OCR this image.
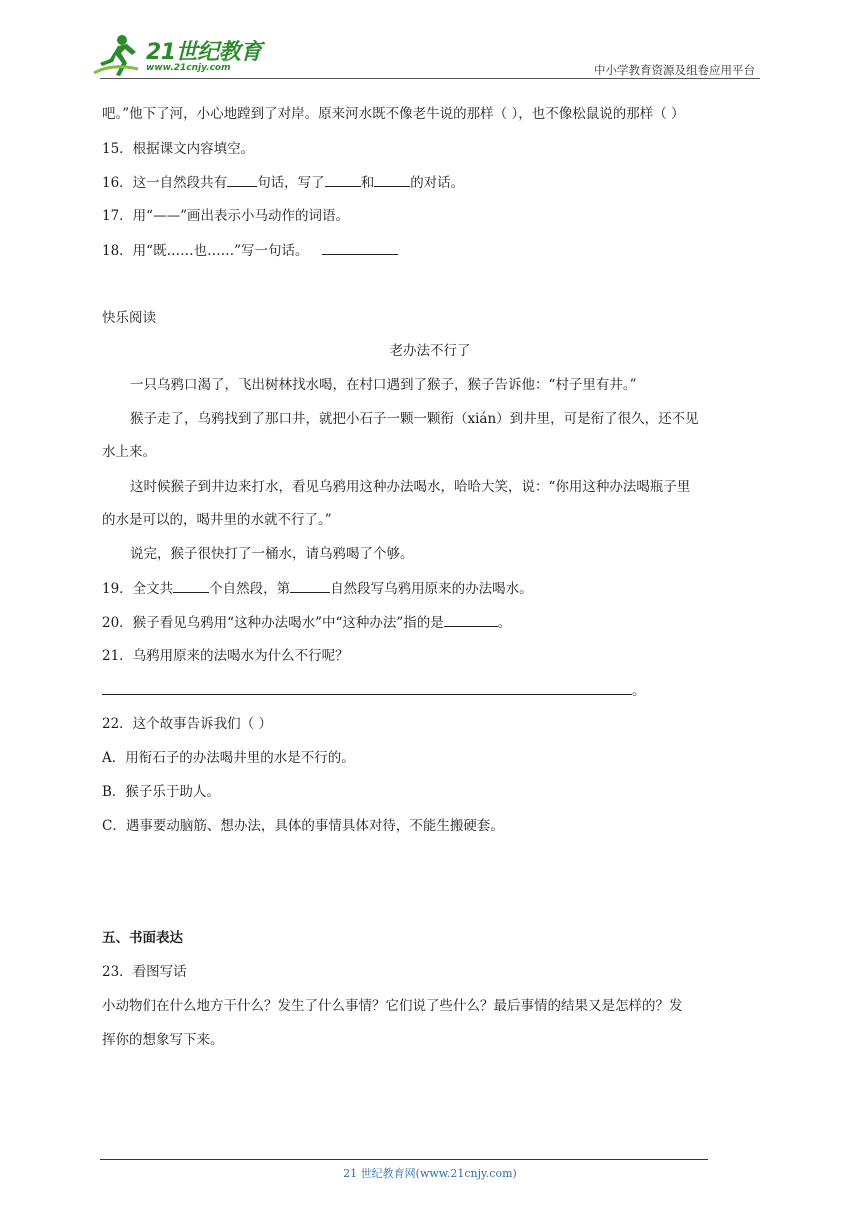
21世纪教育
www.21cnjy.com	中小学教育资源及组卷应用平台
吧。”他下了河，小心地蹚到了对岸。原来河水既不像老牛说的那样（ ），也不像松鼠说的那样（ ）
15．根据课文内容填空。
16．这一自然段共有 句话，写了	和	的对话。
17．用“——”画出表示小马动作的词语。
18．用“既……也……”写一句话。
快乐阅读
老办法不行了
一只乌鸦口渴了，飞出树林找水喝，在村口遇到了猴子，猴子告诉他：“村子里有井。”
猴子走了，乌鸦找到了那口井，就把小石子一颗一颗衔（xián）到井里，可是衔了很久，还不见
水上来。
这时候猴子到井边来打水，看见乌鸦用这种办法喝水，哈哈大笑，说：“你用这种办法喝瓶子里
的水是可以的，喝井里的水就不行了。”
说完，猴子很快打了一桶水，请乌鸦喝了个够。
19．全文共	个自然段，第	自然段写乌鸦用原来的办法喝水。
20．猴子看见乌鸦用“这种办法喝水”中“这种办法”指的是	。
21．乌鸦用原来的法喝水为什么不行呢？
。
22．这个故事告诉我们（ ）
A．用衔石子的办法喝井里的水是不行的。
B．猴子乐于助人。
C．遇事要动脑筋、想办法，具体的事情具体对待，不能生搬硬套。
五、书面表达
23．看图写话
小动物们在什么地方干什么？发生了什么事情？它们说了些什么？最后事情的结果又是怎样的？发
挥你的想象写下来。
21 世纪教育网(www.21cnjy.com)
